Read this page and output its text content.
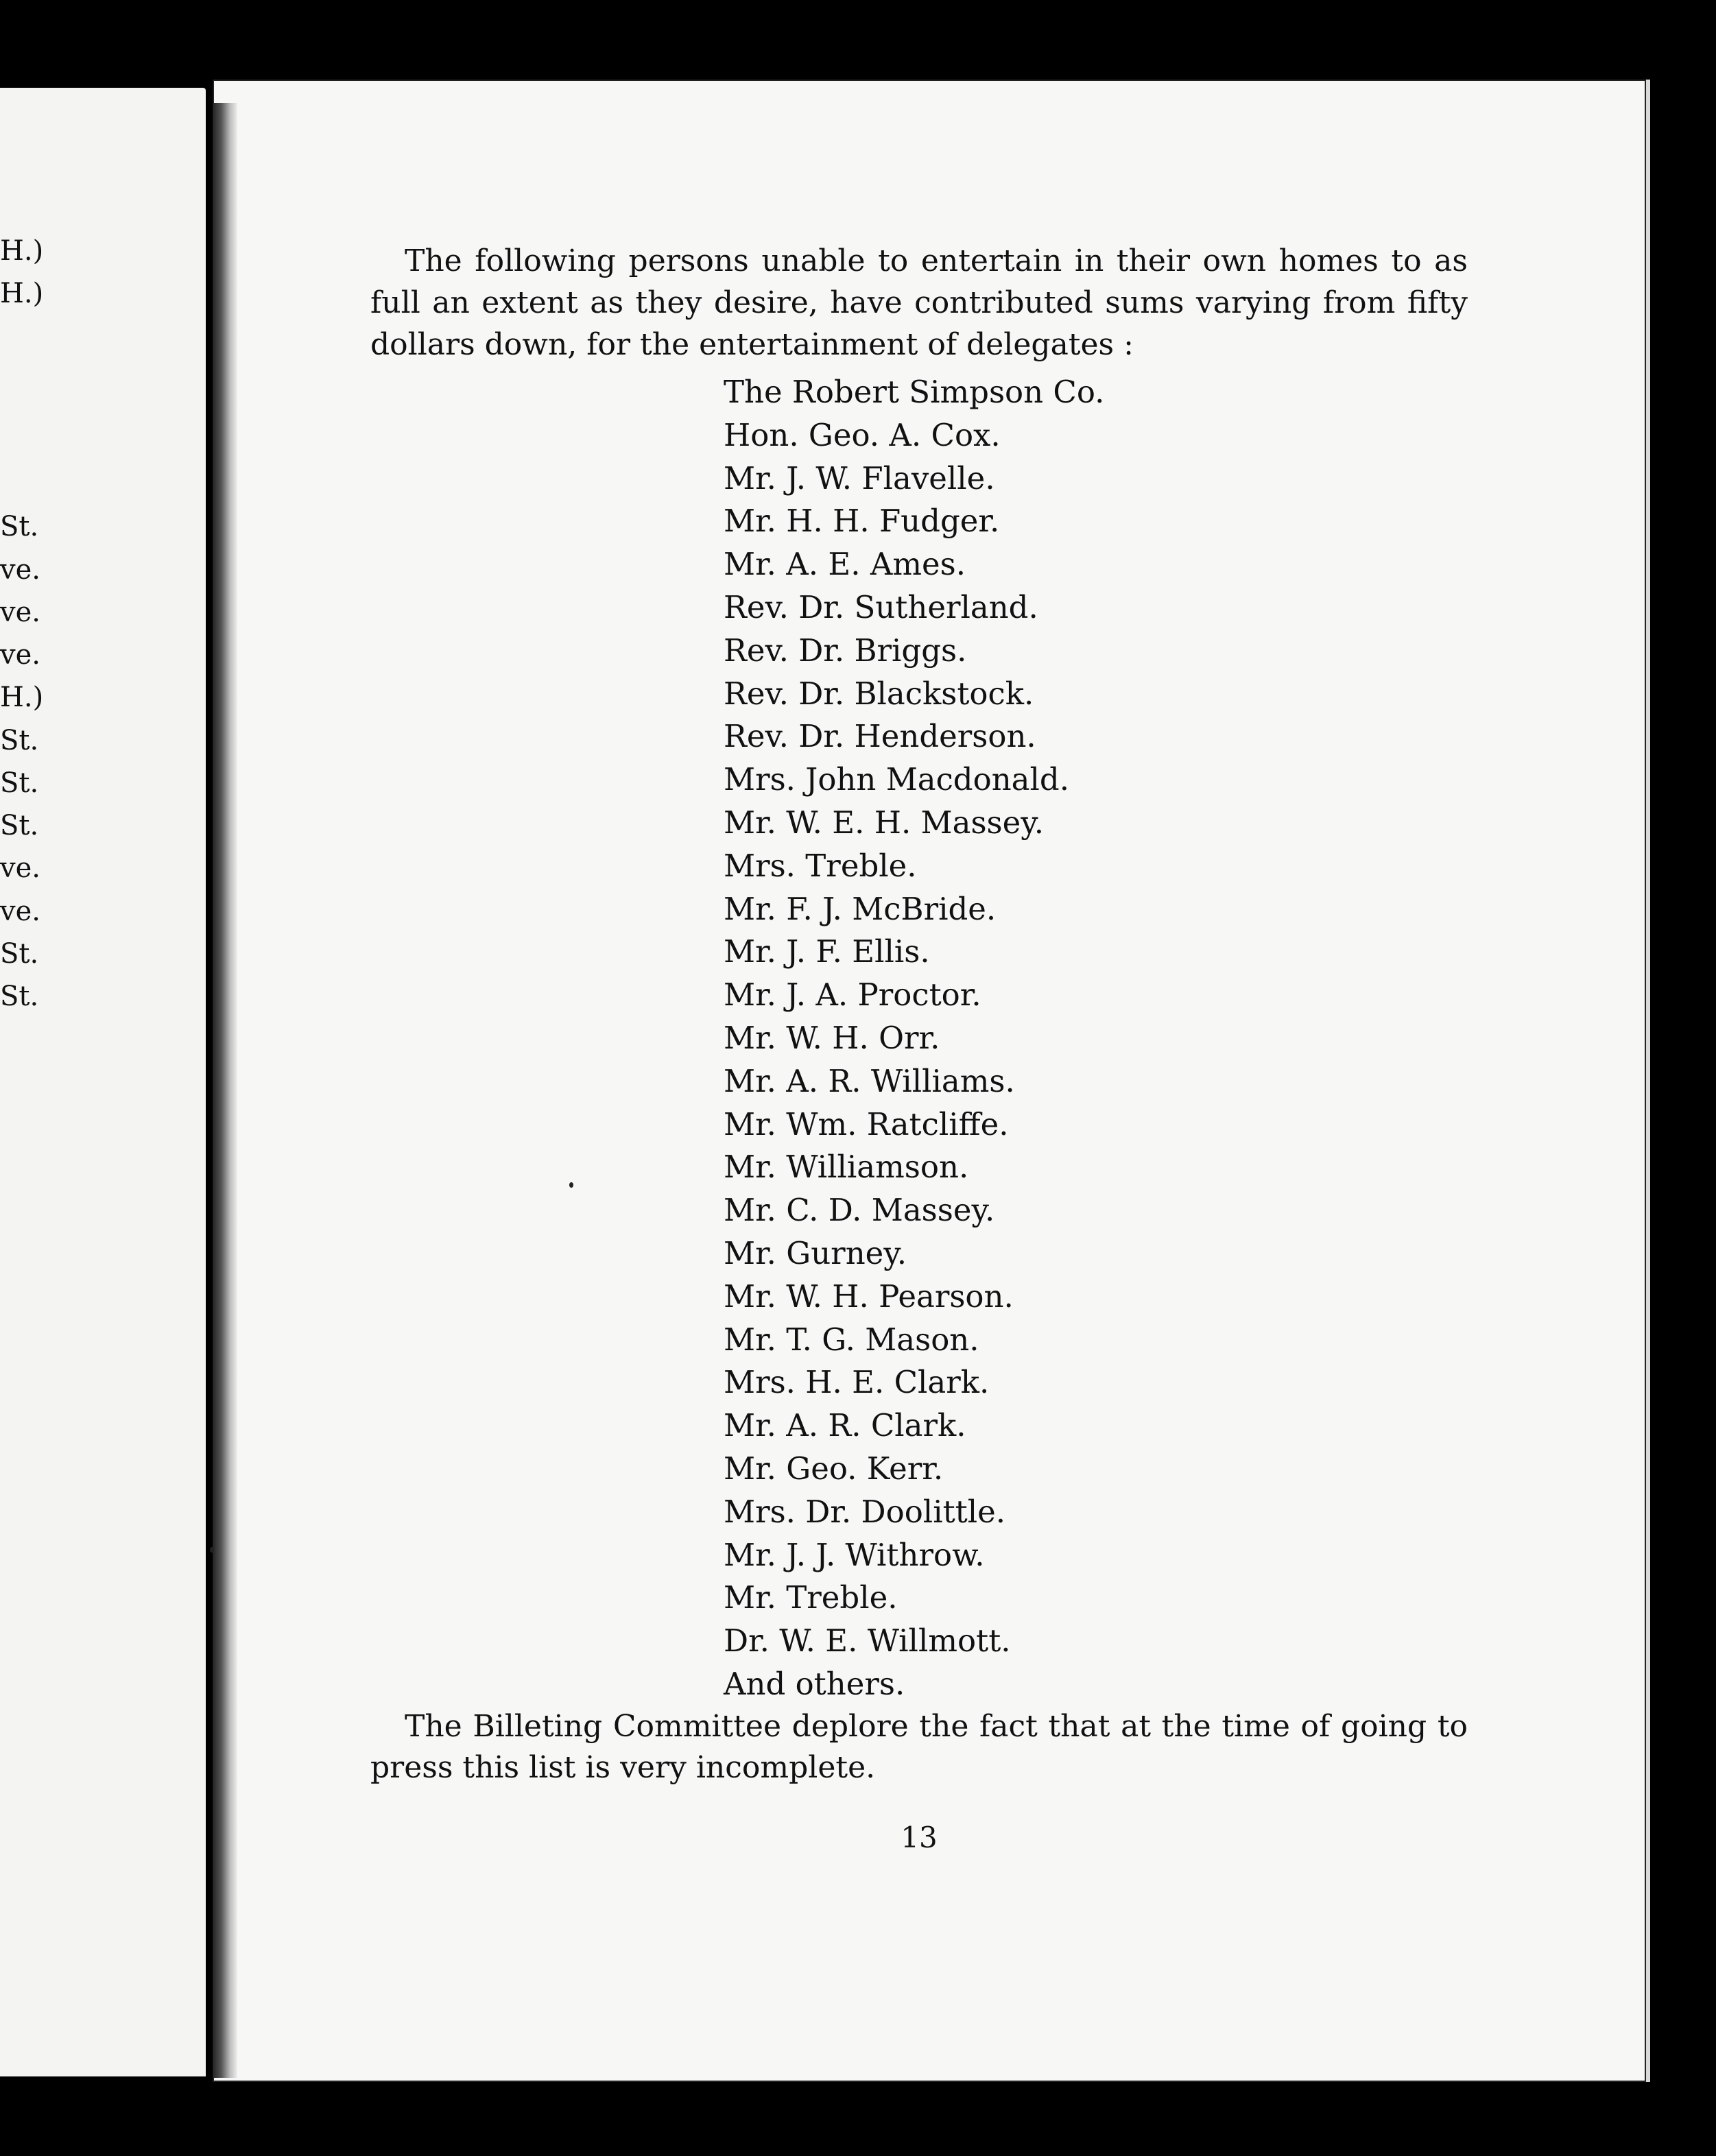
H.)
H.)
St.
ve.
ve.
ve.
H.)
St.
St.
St.
ve.
ve.
St.
St.

The following persons unable to entertain in their own homes to as full an extent as they desire, have contributed sums varying from fifty dollars down, for the entertainment of delegates :

The Robert Simpson Co.
Hon. Geo. A. Cox.
Mr. J. W. Flavelle.
Mr. H. H. Fudger.
Mr. A. E. Ames.
Rev. Dr. Sutherland.
Rev. Dr. Briggs.
Rev. Dr. Blackstock.
Rev. Dr. Henderson.
Mrs. John Macdonald.
Mr. W. E. H. Massey.
Mrs. Treble.
Mr. F. J. McBride.
Mr. J. F. Ellis.
Mr. J. A. Proctor.
Mr. W. H. Orr.
Mr. A. R. Williams.
Mr. Wm. Ratcliffe.
Mr. Williamson.
Mr. C. D. Massey.
Mr. Gurney.
Mr. W. H. Pearson.
Mr. T. G. Mason.
Mrs. H. E. Clark.
Mr. A. R. Clark.
Mr. Geo. Kerr.
Mrs. Dr. Doolittle.
Mr. J. J. Withrow.
Mr. Treble.
Dr. W. E. Willmott.
And others.

The Billeting Committee deplore the fact that at the time of going to press this list is very incomplete.

13
